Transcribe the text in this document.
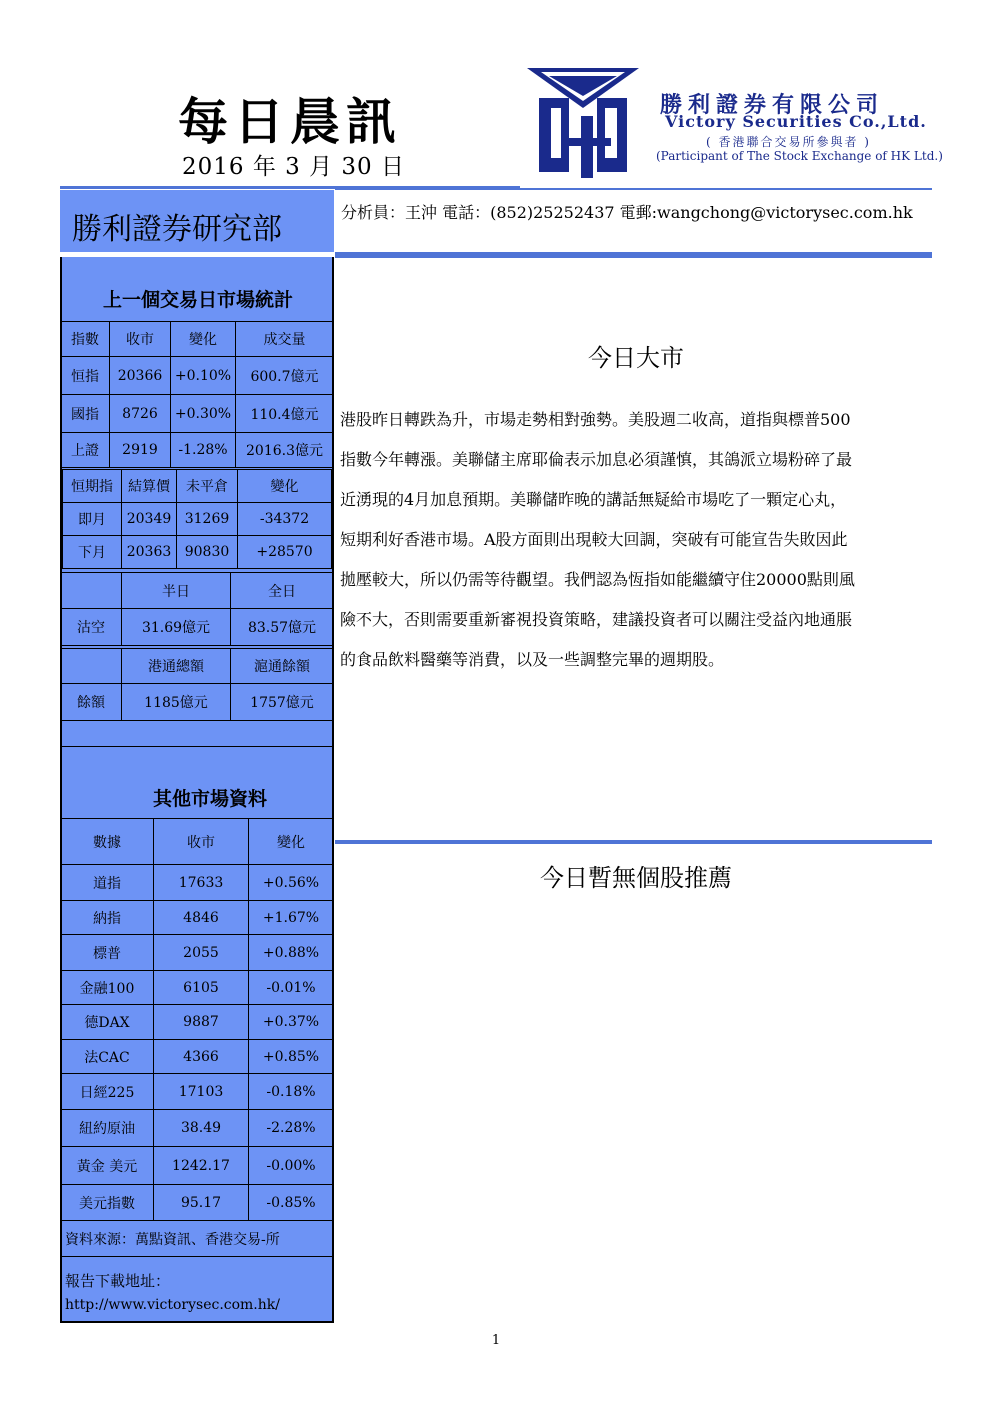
每日晨訊
2016 年 3 月 30 日
勝利證券有限公司
Victory Securities Co.,Ltd.
( 香港聯合交易所參與者 )
(Participant of The Stock Exchange of HK Ltd.)
勝利證券研究部	分析員：王沖 電話：(852)25252437 電郵:wangchong@victorysec.com.hk
上一個交易日市場統計
指數	收市	變化	成交量
恒指	20366	+0.10%	600.7億元
國指	8726	+0.30%	110.4億元
上證	2919	-1.28%	2016.3億元
恒期指	結算價	未平倉	變化
即月	20349	31269	-34372
下月	20363	90830	+28570
	半日	全日
沽空	31.69億元	83.57億元
	港通總額	滬通餘額
餘額	1185億元	1757億元
其他市場資料
數據	收市	變化
道指	17633	+0.56%
納指	4846	+1.67%
標普	2055	+0.88%
金融100	6105	-0.01%
德DAX	9887	+0.37%
法CAC	4366	+0.85%
日經225	17103	-0.18%
紐約原油	38.49	-2.28%
黃金 美元	1242.17	-0.00%
美元指數	95.17	-0.85%
資料來源：萬點資訊、香港交易-所		
報告下載地址：
http://www.victorysec.com.hk/
今日大市
港股昨日轉跌為升，市場走勢相對強勢。美股週二收高，道指與標普500
指數今年轉漲。美聯儲主席耶倫表示加息必須謹慎，其鴿派立場粉碎了最
近湧現的4月加息預期。美聯儲昨晚的講話無疑給市場吃了一顆定心丸，
短期利好香港市場。A股方面則出現較大回調，突破有可能宣告失敗因此
拋壓較大，所以仍需等待觀望。我們認為恆指如能繼續守住20000點則風
險不大，否則需要重新審視投資策略，建議投資者可以關注受益內地通脹
的食品飲料醫藥等消費，以及一些調整完畢的週期股。
今日暫無個股推薦
1
